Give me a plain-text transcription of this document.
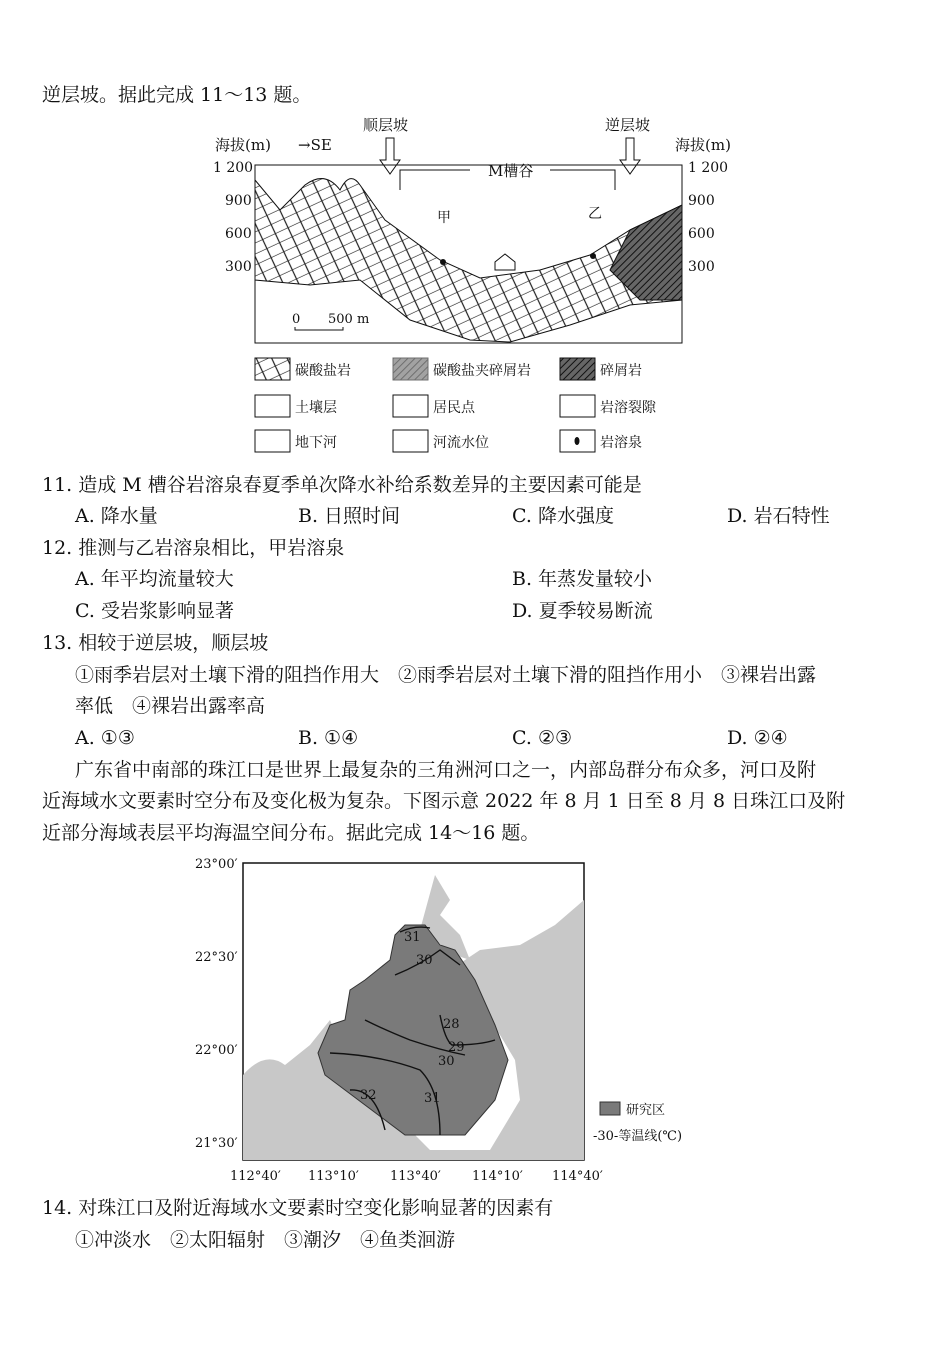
逆层坡。据此完成 11～13 题。
海拔(m) →SE	海拔(m)
顺层坡	逆层坡
M槽谷
1 200
900
600
300
1 200
900
600
300
甲	乙
0 500 m
碳酸盐岩	碳酸盐夹碎屑岩	碎屑岩
土壤层	居民点	岩溶裂隙
地下河	河流水位	岩溶泉
11. 造成 M 槽谷岩溶泉春夏季单次降水补给系数差异的主要因素可能是
A. 降水量	B. 日照时间	C. 降水强度	D. 岩石特性
12. 推测与乙岩溶泉相比，甲岩溶泉
A. 年平均流量较大	B. 年蒸发量较小
C. 受岩浆影响显著	D. 夏季较易断流
13. 相较于逆层坡，顺层坡
①雨季岩层对土壤下滑的阻挡作用大　②雨季岩层对土壤下滑的阻挡作用小　③裸岩出露
率低　④裸岩出露率高
A. ①③	B. ①④	C. ②③	D. ②④
广东省中南部的珠江口是世界上最复杂的三角洲河口之一，内部岛群分布众多，河口及附
近海域水文要素时空分布及变化极为复杂。下图示意 2022 年 8 月 1 日至 8 月 8 日珠江口及附
近部分海域表层平均海温空间分布。据此完成 14～16 题。
31
30
28
29
30
32	31
23°00′
22°30′
22°00′
21°30′
112°40′ 113°10′ 113°40′ 114°10′ 114°40′
研究区
-30-等温线(℃)
14. 对珠江口及附近海域水文要素时空变化影响显著的因素有
①冲淡水　②太阳辐射　③潮汐　④鱼类洄游
